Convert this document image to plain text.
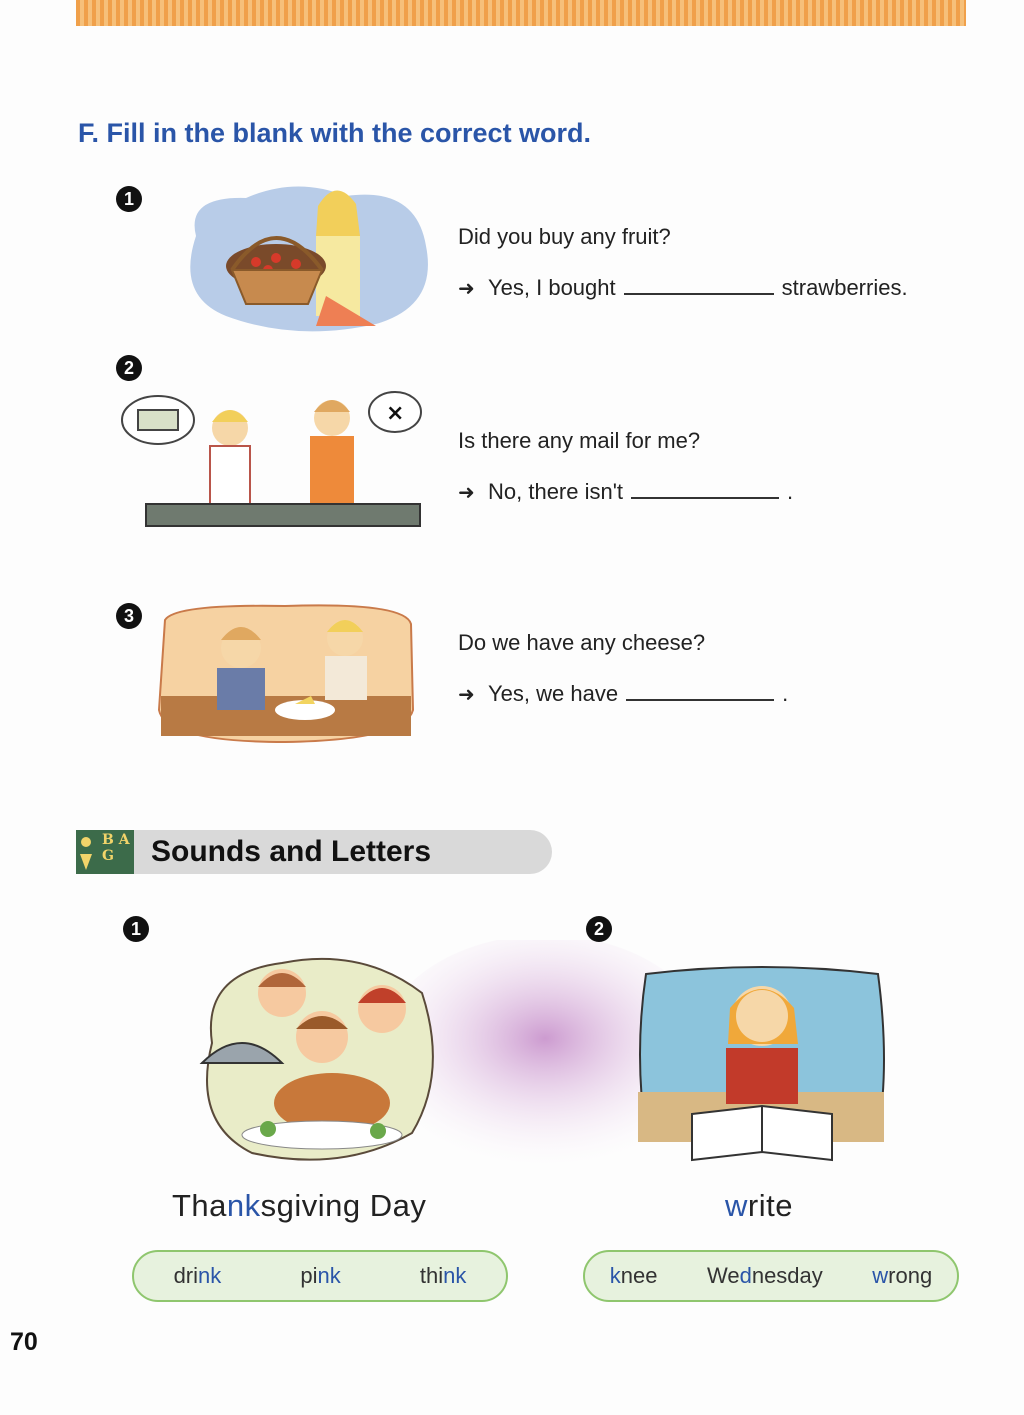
F. Fill in the blank with the correct word.
1
Did you buy any fruit?
➜ Yes, I bought	strawberries.
2
×
Is there any mail for me?
➜ No, there isn't	.
3
Do we have any cheese?
➜ Yes, we have	.
B A G	Sounds and Letters
1
Thanksgiving Day
drink	pink	think
2
write
knee Wednesday wrong
70
